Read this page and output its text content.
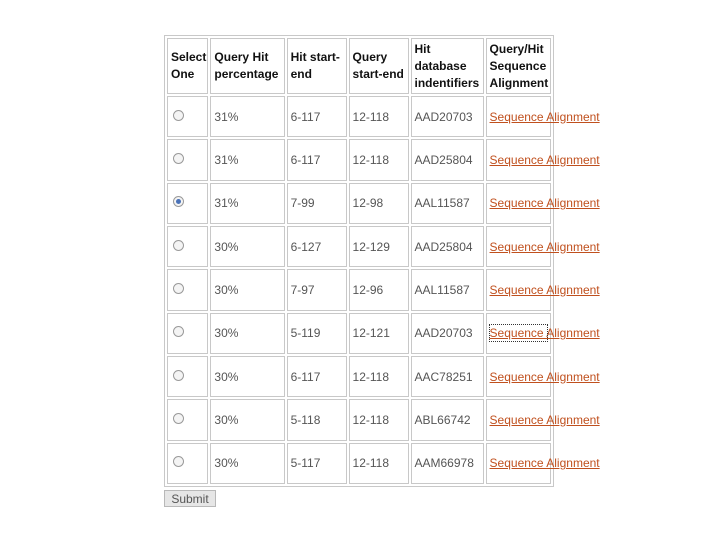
Select One	Query Hit percentage	Hit start-end	Query start-end	Hit database indentifiers	Query/Hit Sequence Alignment
	31%	6-117	12-118	AAD20703	Sequence Alignment

	31%	6-117	12-118	AAD25804	Sequence Alignment

	31%	7-99	12-98	AAL11587	Sequence Alignment

	30%	6-127	12-129	AAD25804	Sequence Alignment

	30%	7-97	12-96	AAL11587	Sequence Alignment

	30%	5-119	12-121	AAD20703	Sequence Alignment

	30%	6-117	12-118	AAC78251	Sequence Alignment

	30%	5-118	12-118	ABL66742	Sequence Alignment

	30%	5-117	12-118	AAM66978	Sequence Alignment
Submit
